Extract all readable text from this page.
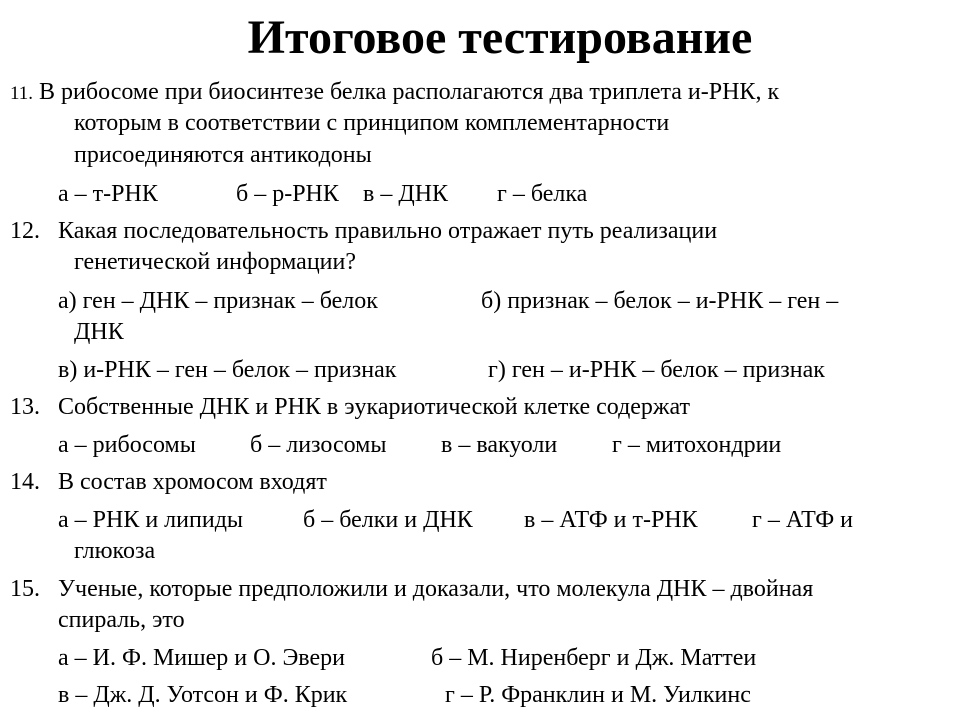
Итоговое тестирование
11. В рибосоме при биосинтезе белка располагаются два триплета и-РНК, к
которым в соответствии с принципом комплементарности
присоединяются антикодоны
а – т-РНК	б – р-РНК в – ДНК г – белка
12. Какая последовательность правильно отражает путь реализации
генетической информации?
а) ген – ДНК – признак – белок	б) признак – белок – и-РНК – ген –
ДНК
в) и-РНК – ген – белок – признак	г) ген – и-РНК – белок – признак
13. Собственные ДНК и РНК в эукариотической клетке содержат
а – рибосомы б – лизосомы в – вакуоли г – митохондрии
14. В состав хромосом входят
а – РНК и липиды б – белки и ДНК в – АТФ и т-РНК г – АТФ и
глюкоза
15. Ученые, которые предположили и доказали, что молекула ДНК – двойная
спираль, это
а – И. Ф. Мишер и О. Эвери	б – М. Ниренберг и Дж. Маттеи
в – Дж. Д. Уотсон и Ф. Крик	г – Р. Франклин и М. Уилкинс
